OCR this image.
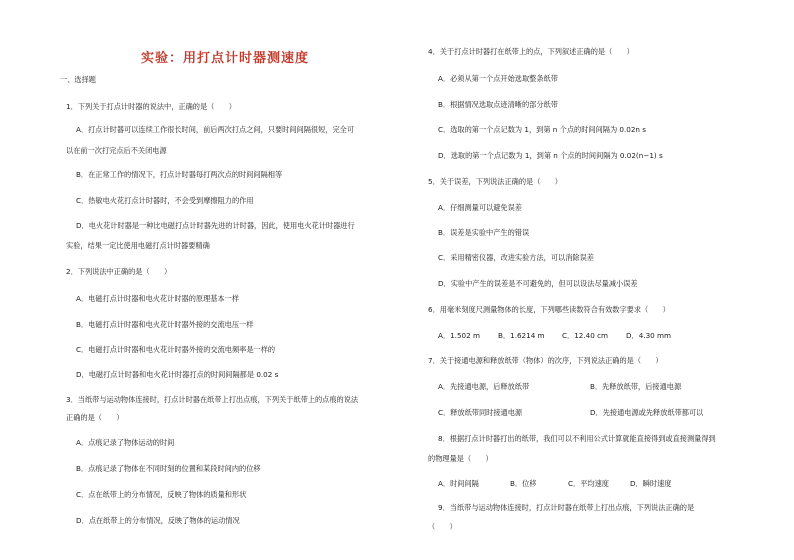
实验：用打点计时器测速度
一、选择题
1．下列关于打点计时器的说法中，正确的是（　　）
A．打点计时器可以连续工作很长时间，前后两次打点之间，只要时间间隔很短，完全可
以在前一次打完点后不关闭电源
B．在正常工作的情况下，打点计时器每打两次点的时间间隔相等
C．热敏电火花打点计时器时，不会受到摩擦阻力的作用
D．电火花计时器是一种比电磁打点计时器先进的计时器，因此，使用电火花计时器进行
实验，结果一定比使用电磁打点计时器要精确
2．下列说法中正确的是（　　）
A．电磁打点计时器和电火花计时器的原理基本一样
B．电磁打点计时器和电火花计时器外接的交流电压一样
C．电磁打点计时器和电火花计时器外接的交流电频率是一样的
D．电磁打点计时器和电火花计时器打点的时间间隔都是 0.02 s
3．当纸带与运动物体连接时，打点计时器在纸带上打出点痕，下列关于纸带上的点痕的说法
正确的是（　　）
A．点痕记录了物体运动的时间
B．点痕记录了物体在不同时刻的位置和某段时间内的位移
C．点在纸带上的分布情况，反映了物体的质量和形状
D．点在纸带上的分布情况，反映了物体的运动情况
4．关于打点计时器打在纸带上的点，下列叙述正确的是（　　）
A．必须从第一个点开始选取整条纸带
B．根据情况选取点迹清晰的部分纸带
C．选取的第一个点记数为 1，到第 n 个点的时间间隔为 0.02n s
D．选取的第一个点记数为 1，到第 n 个点的时间间隔为 0.02(n−1) s
5．关于误差，下列说法正确的是（　　）
A．仔细测量可以避免误差
B．误差是实验中产生的错误
C．采用精密仪器，改进实验方法，可以消除误差
D．实验中产生的误差是不可避免的，但可以设法尽量减小误差
6．用毫米刻度尺测量物体的长度，下列哪些读数符合有效数字要求（　　）
A．1.502 m	B．1.6214 m C．12.40 cm D．4.30 mm
7．关于接通电源和释放纸带（物体）的次序，下列说法正确的是（　　）
A．先接通电源，后释放纸带	B．先释放纸带，后接通电源
C．释放纸带同时接通电源	D．先接通电源或先释放纸带都可以
8．根据打点计时器打出的纸带，我们可以不利用公式计算就能直接得到或直接测量得到
的物理量是（　　）
A．时间间隔	B．位移	C．平均速度	D．瞬时速度
9．当纸带与运动物体连接时，打点计时器在纸带上打出点痕，下列说法正确的是
（　　）
